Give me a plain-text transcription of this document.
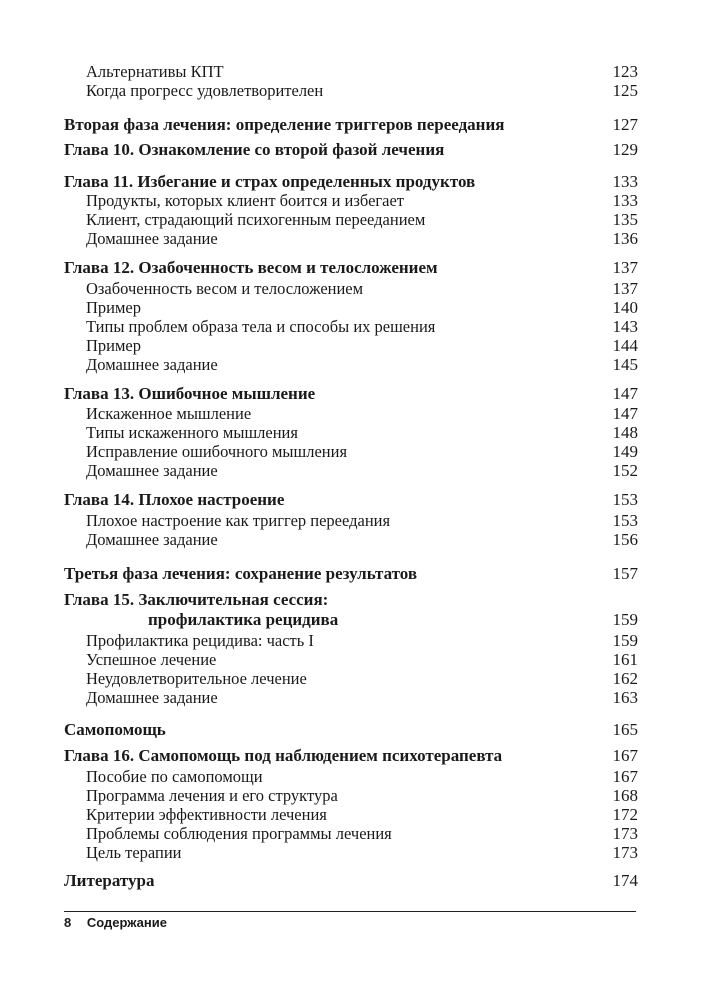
Альтернативы КПТ	123
Когда прогресс удовлетворителен	125
Вторая фаза лечения: определение триггеров переедания	127
Глава 10. Ознакомление со второй фазой лечения	129
Глава 11. Избегание и страх определенных продуктов	133
Продукты, которых клиент боится и избегает	133
Клиент, страдающий психогенным перееданием	135
Домашнее задание	136
Глава 12. Озабоченность весом и телосложением	137
Озабоченность весом и телосложением	137
Пример	140
Типы проблем образа тела и способы их решения	143
Пример	144
Домашнее задание	145
Глава 13. Ошибочное мышление	147
Искаженное мышление	147
Типы искаженного мышления	148
Исправление ошибочного мышления	149
Домашнее задание	152
Глава 14. Плохое настроение	153
Плохое настроение как триггер переедания	153
Домашнее задание	156
Третья фаза лечения: сохранение результатов	157
Глава 15. Заключительная сессия:
профилактика рецидива	159
Профилактика рецидива: часть I	159
Успешное лечение	161
Неудовлетворительное лечение	162
Домашнее задание	163
Самопомощь	165
Глава 16. Самопомощь под наблюдением психотерапевта	167
Пособие по самопомощи	167
Программа лечения и его структура	168
Критерии эффективности лечения	172
Проблемы соблюдения программы лечения	173
Цель терапии	173
Литература	174
8 Содержание
